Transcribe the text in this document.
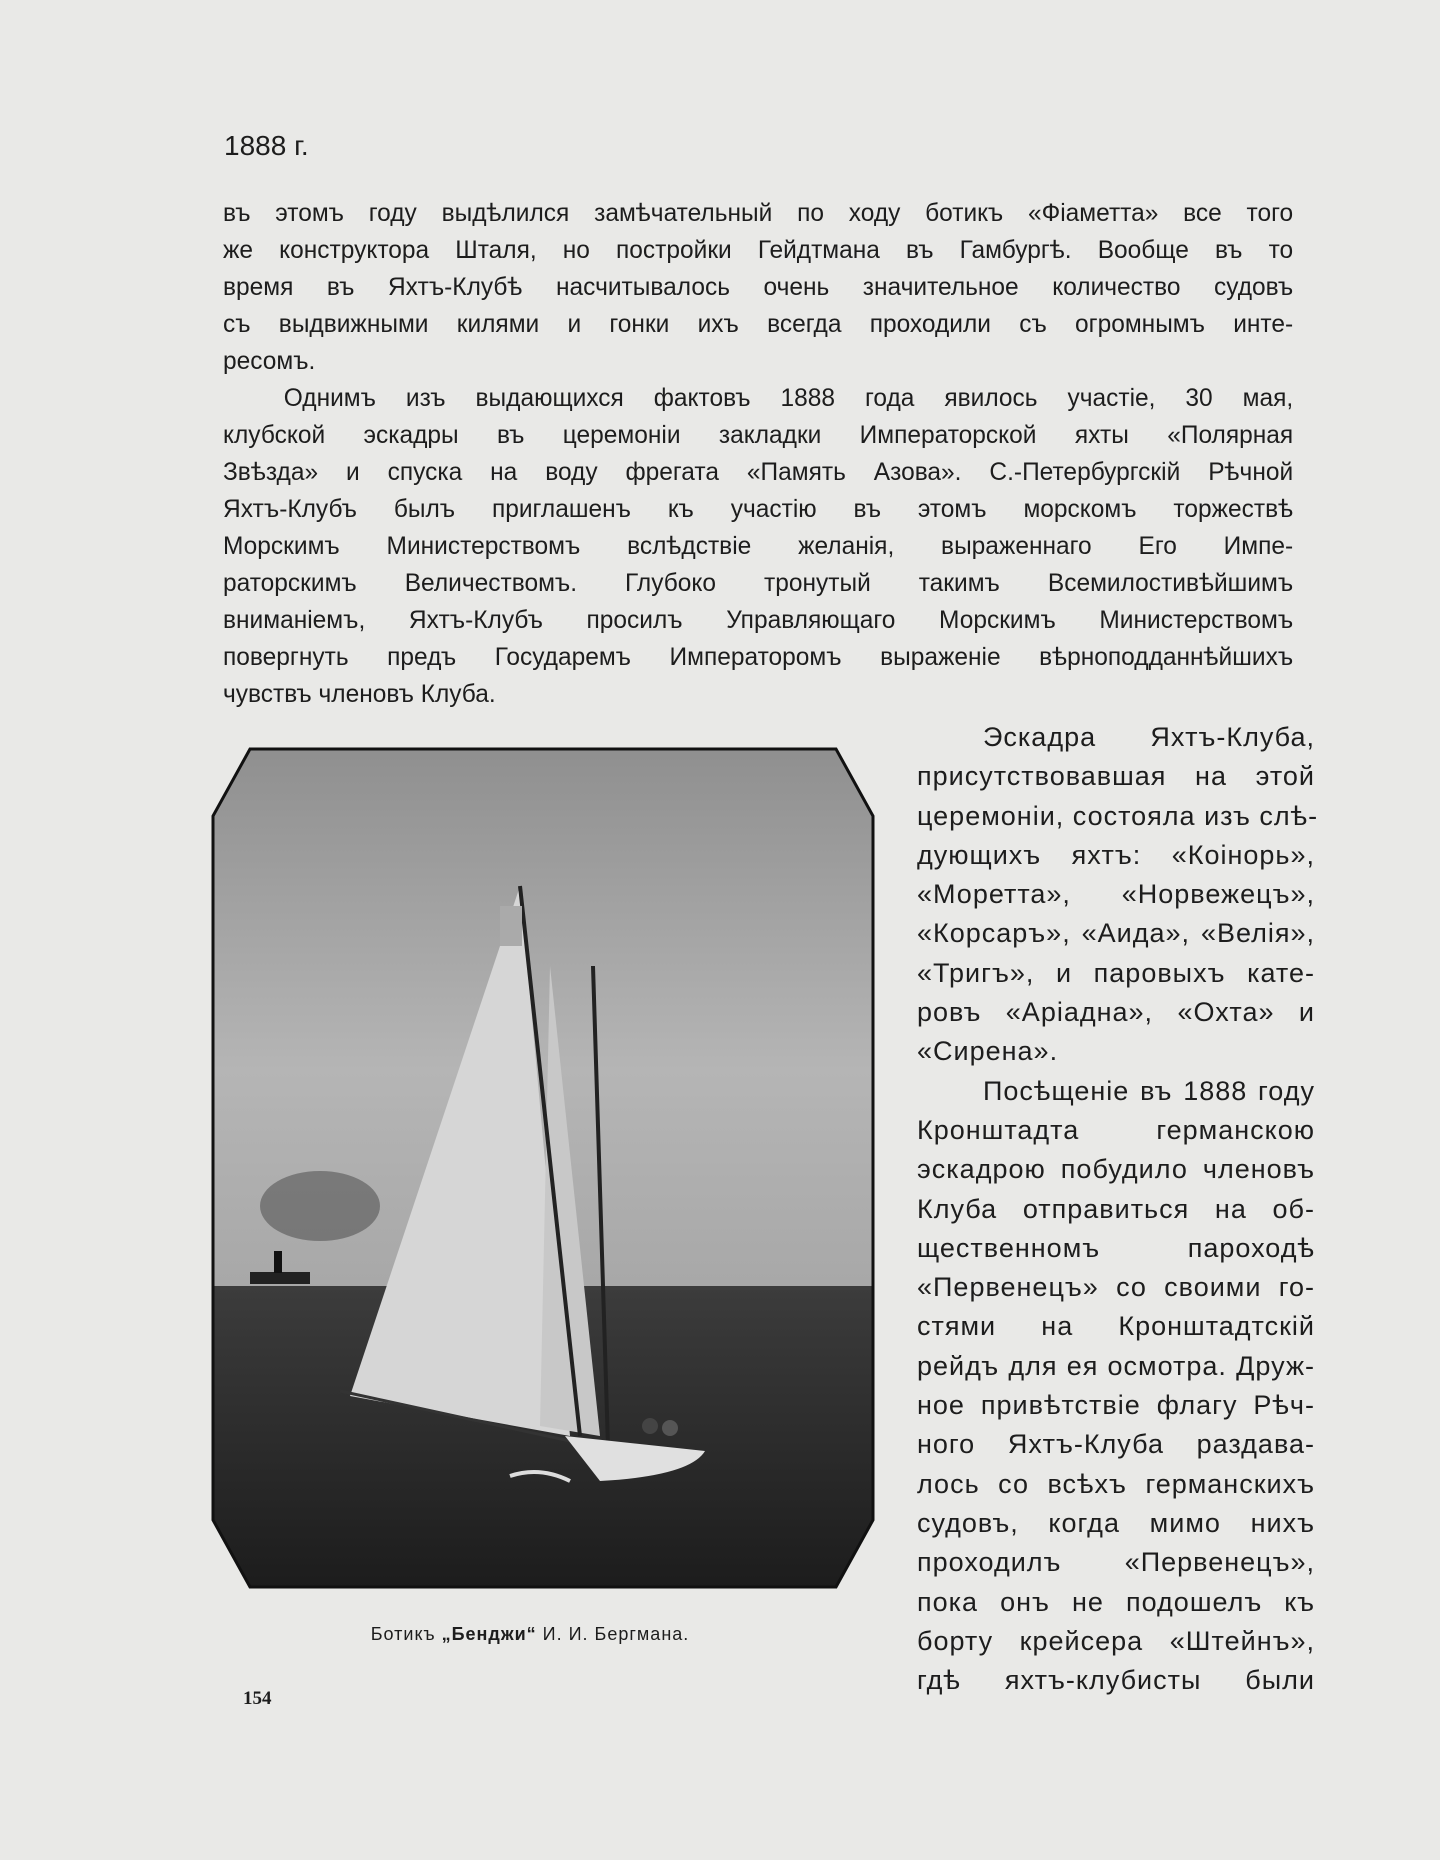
1888 г.
въ этомъ году выдѣлился замѣчательный по ходу ботикъ «Фіаметта» все того
же конструктора Шталя, но постройки Гейдтмана въ Гамбургѣ. Вообще въ то
время въ Яхтъ-Клубѣ насчитывалось очень значительное количество судовъ
съ выдвижными килями и гонки ихъ всегда проходили съ огромнымъ инте-
ресомъ.
Однимъ изъ выдающихся фактовъ 1888 года явилось участіе, 30 мая,
клубской эскадры въ церемоніи закладки Императорской яхты «Полярная
Звѣзда» и спуска на воду фрегата «Память Азова». С.-Петербургскій Рѣчной
Яхтъ-Клубъ былъ приглашенъ къ участію въ этомъ морскомъ торжествѣ
Морскимъ Министерствомъ вслѣдствіе желанія, выраженнаго Его Импе-
раторскимъ Величествомъ. Глубоко тронутый такимъ Всемилостивѣйшимъ
вниманіемъ, Яхтъ-Клубъ просилъ Управляющаго Морскимъ Министерствомъ
повергнуть предъ Государемъ Императоромъ выраженіе вѣрноподданнѣйшихъ
чувствъ членовъ Клуба.
Эскадра Яхтъ-Клуба,
присутствовавшая на этой
церемоніи, состояла изъ слѣ-
дующихъ яхтъ: «Коінорь»,
«Моретта», «Норвежецъ»,
«Корсаръ», «Аида», «Велія»,
«Тригъ», и паровыхъ кате-
ровъ «Аріадна», «Охта» и
«Сирена».
Посѣщеніе въ 1888 году
Кронштадта германскою
эскадрою побудило членовъ
Клуба отправиться на об-
щественномъ пароходѣ
«Первенецъ» со своими го-
стями на Кронштадтскій
рейдъ для ея осмотра. Друж-
ное привѣтствіе флагу Рѣч-
ного Яхтъ-Клуба раздава-
лось со всѣхъ германскихъ
судовъ, когда мимо нихъ
проходилъ «Первенецъ»,
пока онъ не подошелъ къ
борту крейсера «Штейнъ»,
гдѣ яхтъ-клубисты были
Ботикъ „Бенджи“ И. И. Бергмана.
154
